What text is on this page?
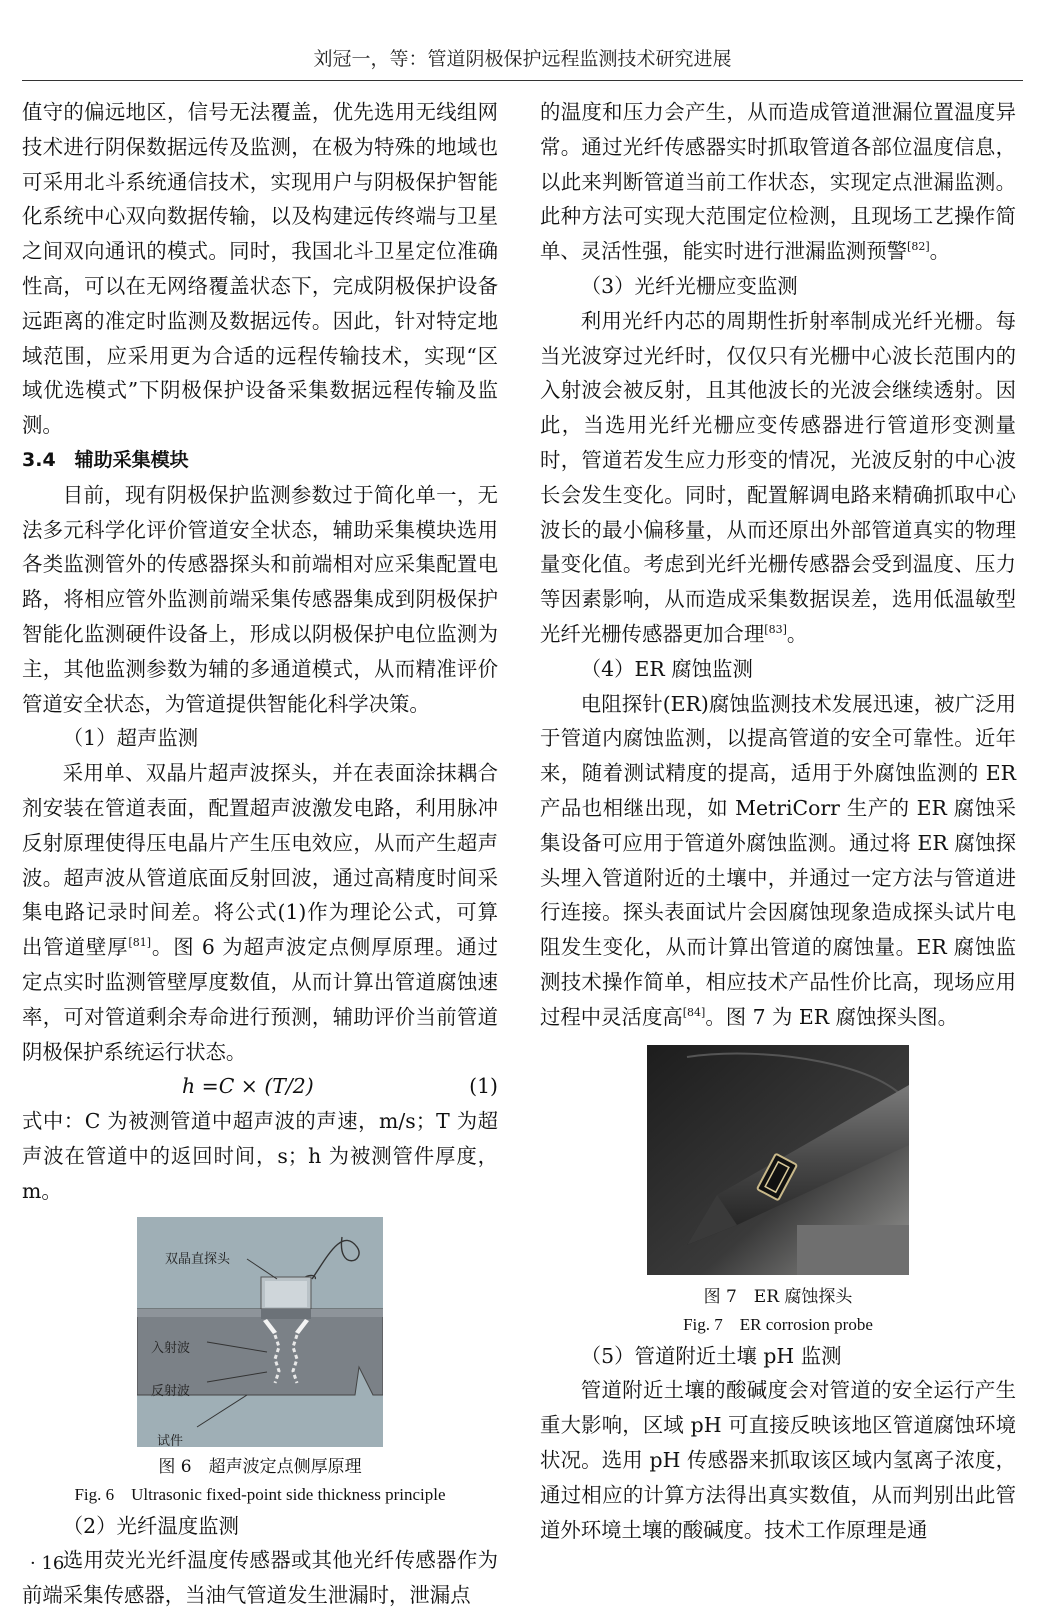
刘冠一，等：管道阴极保护远程监测技术研究进展

值守的偏远地区，信号无法覆盖，优先选用无线组网技术进行阴保数据远传及监测，在极为特殊的地域也可采用北斗系统通信技术，实现用户与阴极保护智能化系统中心双向数据传输，以及构建远传终端与卫星之间双向通讯的模式。同时，我国北斗卫星定位准确性高，可以在无网络覆盖状态下，完成阴极保护设备远距离的准定时监测及数据远传。因此，针对特定地域范围，应采用更为合适的远程传输技术，实现“区域优选模式”下阴极保护设备采集数据远程传输及监测。

3.4　辅助采集模块

目前，现有阴极保护监测参数过于简化单一，无法多元科学化评价管道安全状态，辅助采集模块选用各类监测管外的传感器探头和前端相对应采集配置电路，将相应管外监测前端采集传感器集成到阴极保护智能化监测硬件设备上，形成以阴极保护电位监测为主，其他监测参数为辅的多通道模式，从而精准评价管道安全状态，为管道提供智能化科学决策。

（1）超声监测

采用单、双晶片超声波探头，并在表面涂抹耦合剂安装在管道表面，配置超声波激发电路，利用脉冲反射原理使得压电晶片产生压电效应，从而产生超声波。超声波从管道底面反射回波，通过高精度时间采集电路记录时间差。将公式(1)作为理论公式，可算出管道壁厚[81]。图 6 为超声波定点侧厚原理。通过定点实时监测管壁厚度数值，从而计算出管道腐蚀速率，可对管道剩余寿命进行预测，辅助评价当前管道阴极保护系统运行状态。

h =C × (T/2)	(1)

式中：C 为被测管道中超声波的声速，m/s；T 为超声波在管道中的返回时间，s；h 为被测管件厚度，m。

双晶直探头
入射波
反射波
试件
图 6　超声波定点侧厚原理
Fig. 6　Ultrasonic fixed-point side thickness principle

（2）光纤温度监测

选用荧光光纤温度传感器或其他光纤传感器作为前端采集传感器，当油气管道发生泄漏时，泄漏点

的温度和压力会产生，从而造成管道泄漏位置温度异常。通过光纤传感器实时抓取管道各部位温度信息，以此来判断管道当前工作状态，实现定点泄漏监测。此种方法可实现大范围定位检测，且现场工艺操作简单、灵活性强，能实时进行泄漏监测预警[82]。

（3）光纤光栅应变监测

利用光纤内芯的周期性折射率制成光纤光栅。每当光波穿过光纤时，仅仅只有光栅中心波长范围内的入射波会被反射，且其他波长的光波会继续透射。因此，当选用光纤光栅应变传感器进行管道形变测量时，管道若发生应力形变的情况，光波反射的中心波长会发生变化。同时，配置解调电路来精确抓取中心波长的最小偏移量，从而还原出外部管道真实的物理量变化值。考虑到光纤光栅传感器会受到温度、压力等因素影响，从而造成采集数据误差，选用低温敏型光纤光栅传感器更加合理[83]。

（4）ER 腐蚀监测

电阻探针(ER)腐蚀监测技术发展迅速，被广泛用于管道内腐蚀监测，以提高管道的安全可靠性。近年来，随着测试精度的提高，适用于外腐蚀监测的 ER 产品也相继出现，如 MetriCorr 生产的 ER 腐蚀采集设备可应用于管道外腐蚀监测。通过将 ER 腐蚀探头埋入管道附近的土壤中，并通过一定方法与管道进行连接。探头表面试片会因腐蚀现象造成探头试片电阻发生变化，从而计算出管道的腐蚀量。ER 腐蚀监测技术操作简单，相应技术产品性价比高，现场应用过程中灵活度高[84]。图 7 为 ER 腐蚀探头图。

图 7　ER 腐蚀探头
Fig. 7　ER corrosion probe

（5）管道附近土壤 pH 监测

管道附近土壤的酸碱度会对管道的安全运行产生重大影响，区域 pH 可直接反映该地区管道腐蚀环境状况。选用 pH 传感器来抓取该区域内氢离子浓度，通过相应的计算方法得出真实数值，从而判别出此管道外环境土壤的酸碱度。技术工作原理是通

· 16 ·
